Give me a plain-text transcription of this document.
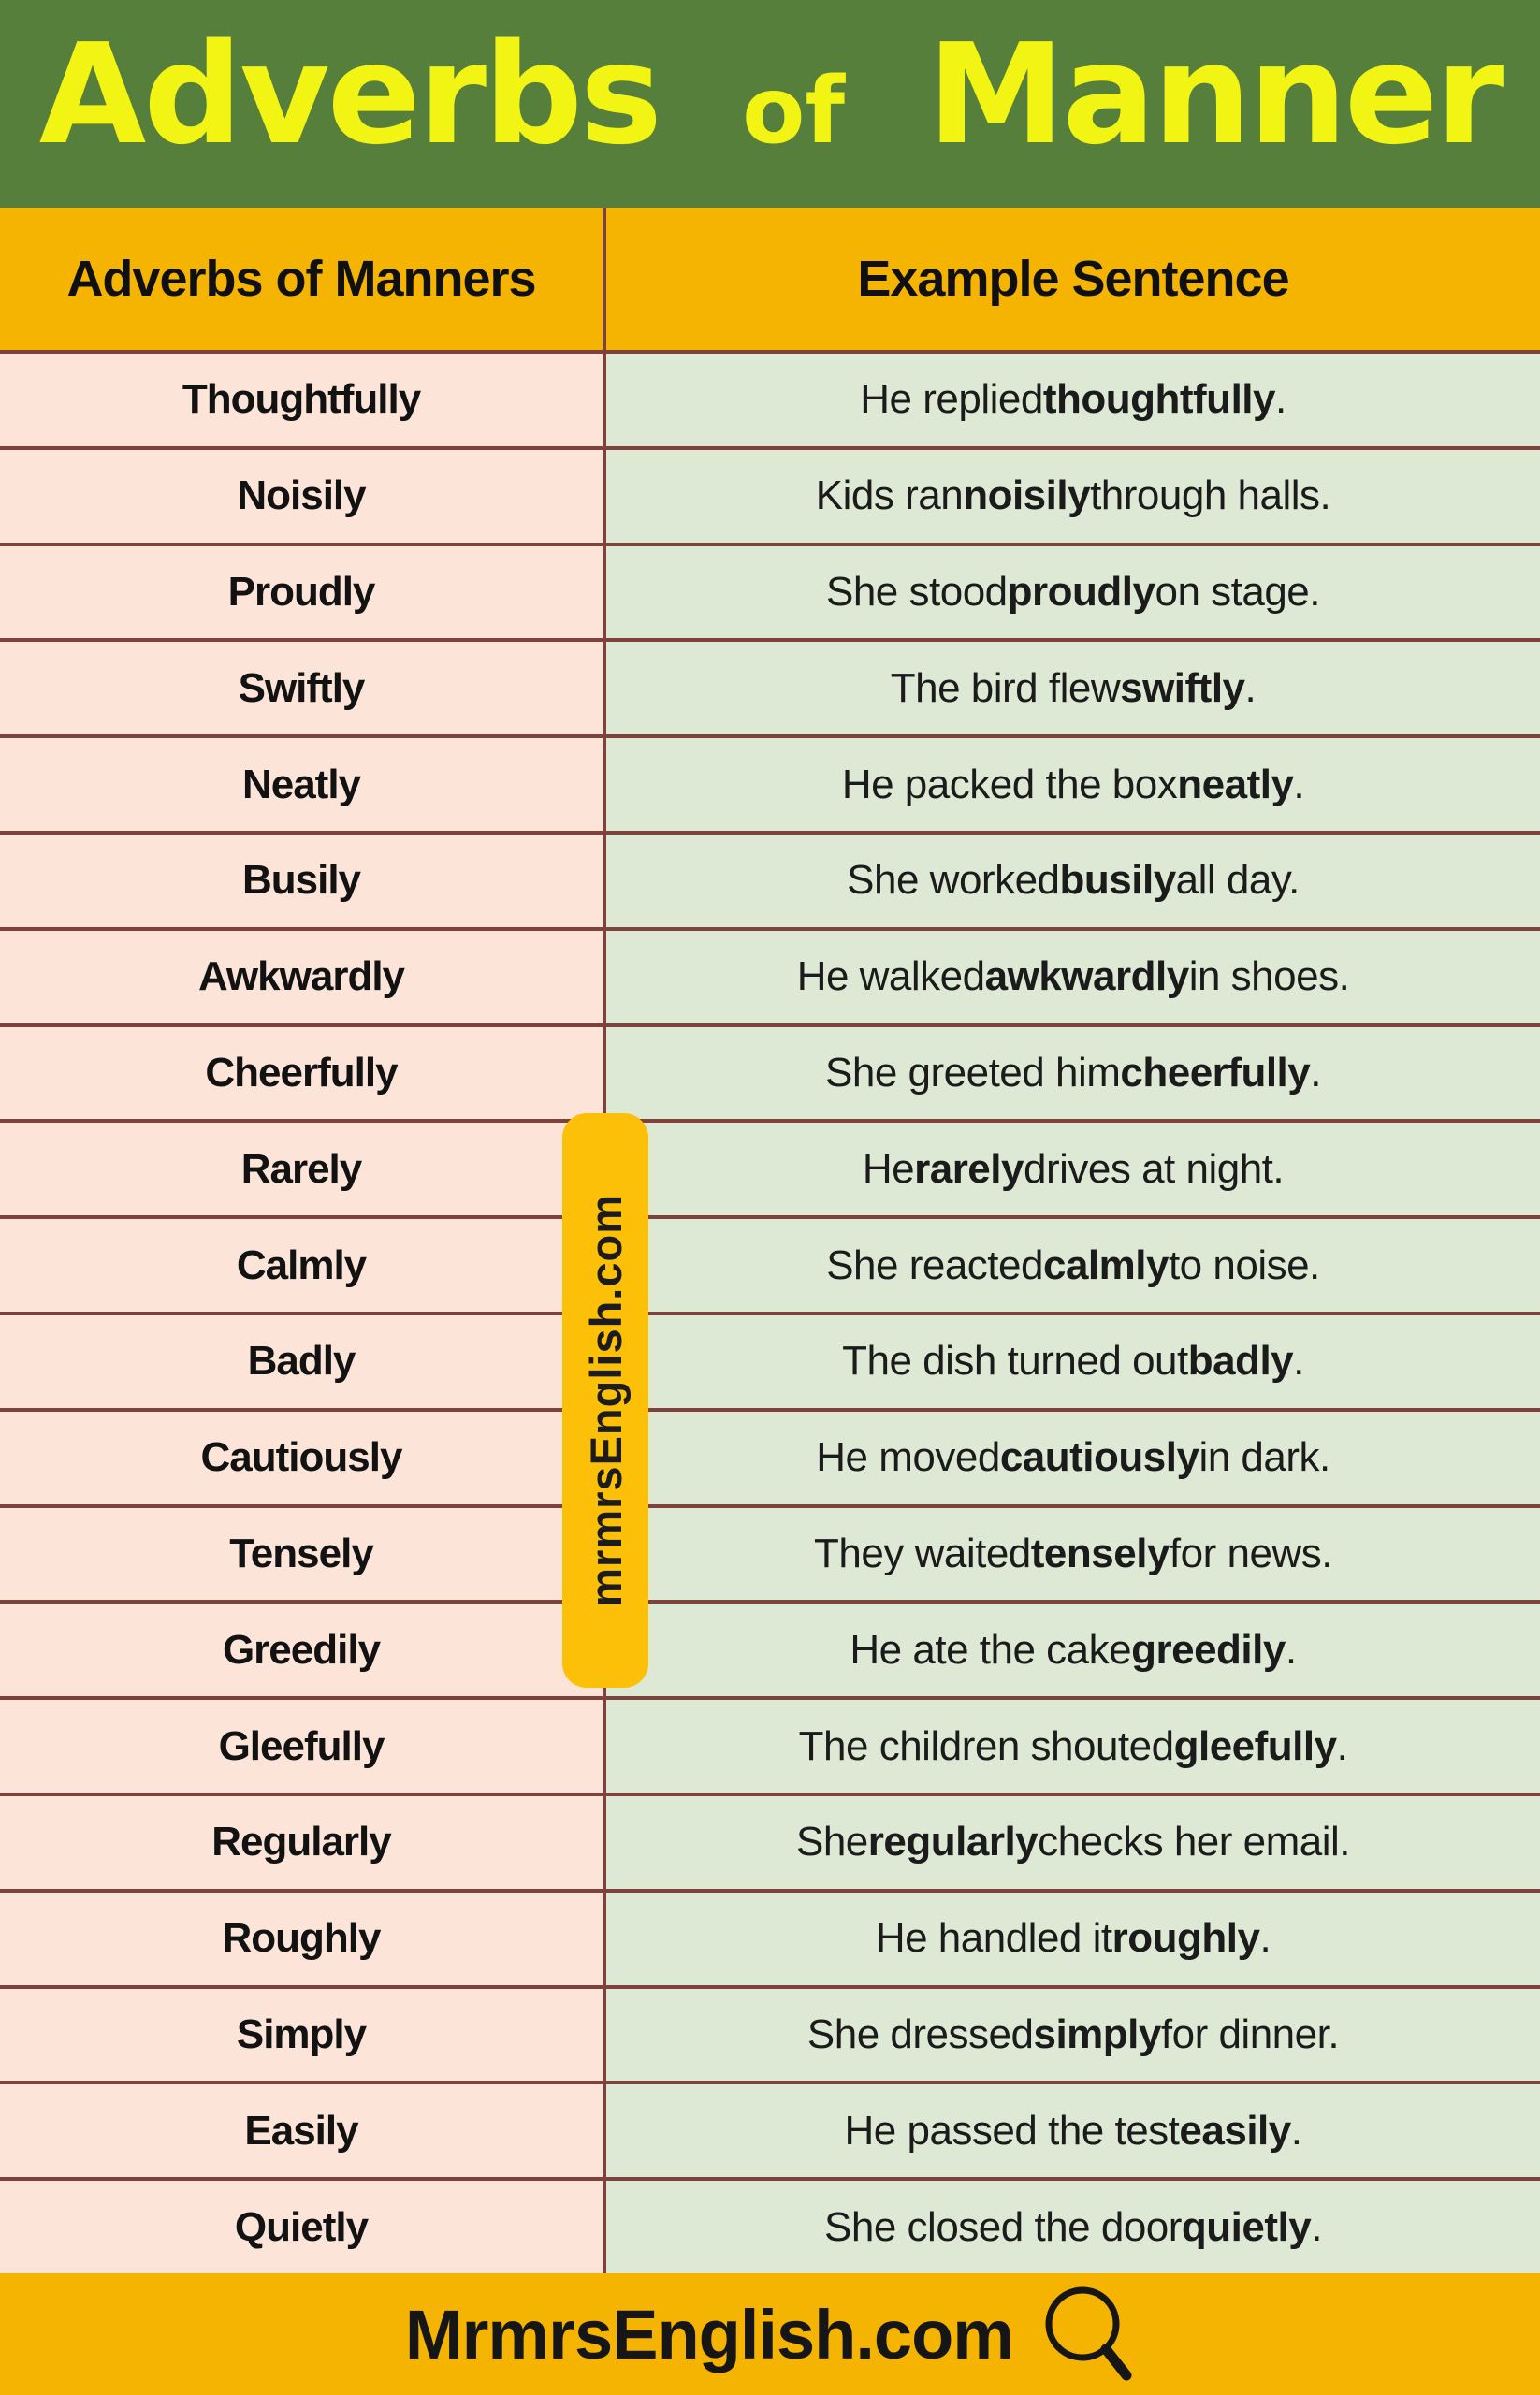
Adverbs of Manner
Adverbs of Manners	Example Sentence
Thoughtfully	He replied thoughtfully .
Noisily	Kids ran noisily through halls.
Proudly	She stood proudly on stage.
Swiftly	The bird flew swiftly .
Neatly	He packed the box neatly .
Busily	She worked busily all day.
Awkwardly	He walked awkwardly in shoes.
Cheerfully	She greeted him cheerfully .
Rarely	He rarely drives at night.
Calmly	She reacted calmly to noise.
Badly	The dish turned out badly .
Cautiously	He moved cautiously in dark.
Tensely	They waited tensely for news.
Greedily	He ate the cake greedily .
Gleefully	The children shouted gleefully .
Regularly	She regularly checks her email.
Roughly	He handled it roughly .
Simply	She dressed simply for dinner.
Easily	He passed the test easily .
Quietly	She closed the door quietly .
mrmrsEnglish.com
MrmrsEnglish.com
